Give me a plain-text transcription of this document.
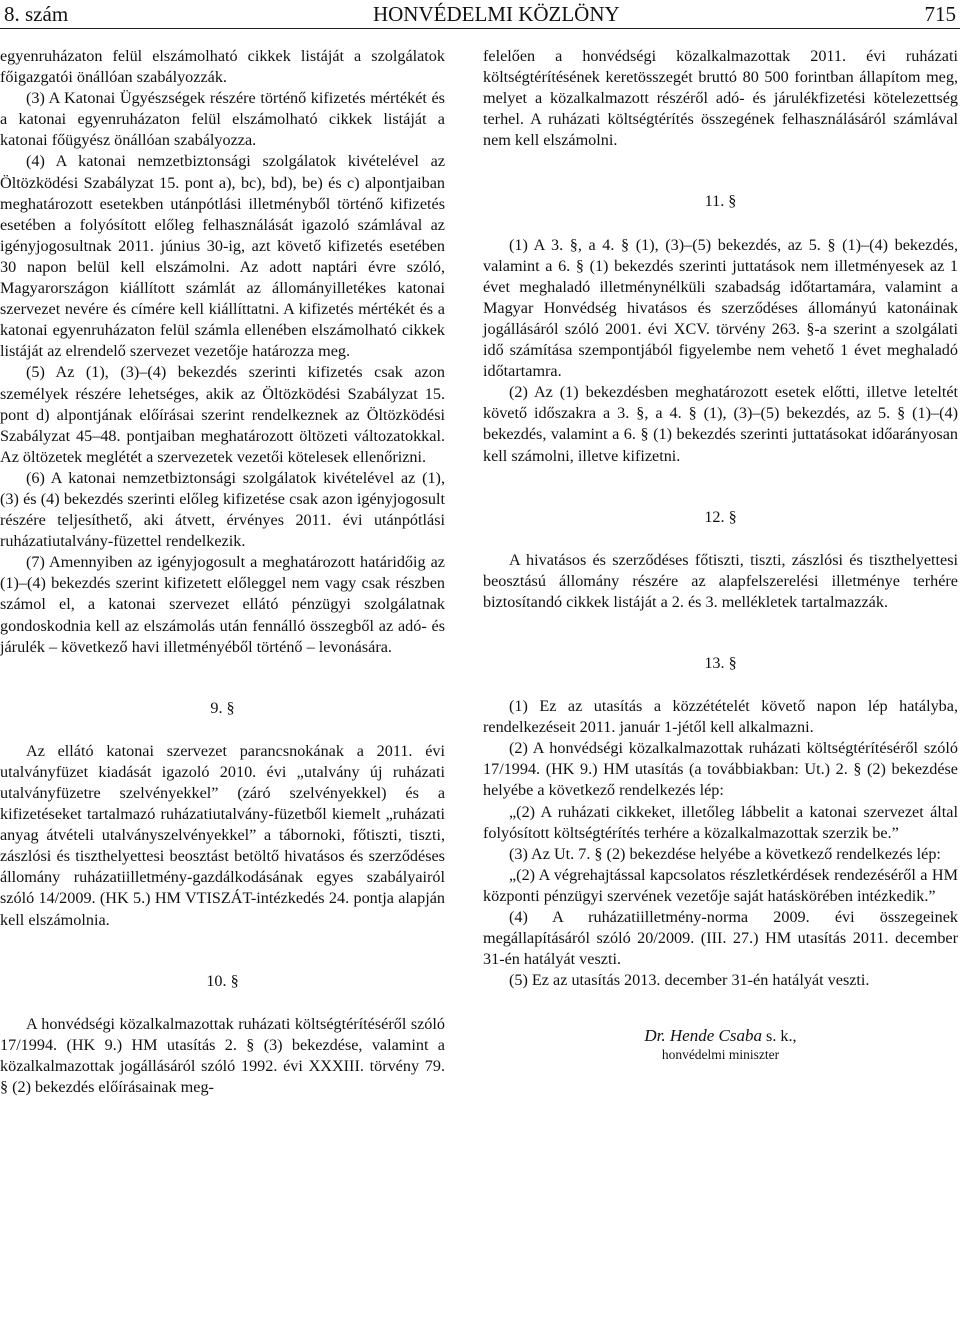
8. szám	HONVÉDELMI KÖZLÖNY	715

egyenruházaton felül elszámolható cikkek listáját a szolgálatok főigazgatói önállóan szabályozzák.

(3) A Katonai Ügyészségek részére történő kifizetés mértékét és a katonai egyenruházaton felül elszámolható cikkek listáját a katonai főügyész önállóan szabályozza.

(4) A katonai nemzetbiztonsági szolgálatok kivételével az Öltözködési Szabályzat 15. pont a), bc), bd), be) és c) alpontjaiban meghatározott esetekben utánpótlási illetményből történő kifizetés esetében a folyósított előleg felhasználását igazoló számlával az igényjogosultnak 2011. június 30-ig, azt követő kifizetés esetében 30 napon belül kell elszámolni. Az adott naptári évre szóló, Magyarországon kiállított számlát az állományilletékes katonai szervezet nevére és címére kell kiállíttatni. A kifizetés mértékét és a katonai egyenruházaton felül számla ellenében elszámolható cikkek listáját az elrendelő szervezet vezetője határozza meg.

(5) Az (1), (3)–(4) bekezdés szerinti kifizetés csak azon személyek részére lehetséges, akik az Öltözködési Szabályzat 15. pont d) alpontjának előírásai szerint rendelkeznek az Öltözködési Szabályzat 45–48. pontjaiban meghatározott öltözeti változatokkal. Az öltözetek meglétét a szervezetek vezetői kötelesek ellenőrizni.

(6) A katonai nemzetbiztonsági szolgálatok kivételével az (1), (3) és (4) bekezdés szerinti előleg kifizetése csak azon igényjogosult részére teljesíthető, aki átvett, érvényes 2011. évi utánpótlási ruházatiutalvány-füzettel rendelkezik.

(7) Amennyiben az igényjogosult a meghatározott határidőig az (1)–(4) bekezdés szerint kifizetett előleggel nem vagy csak részben számol el, a katonai szervezet ellátó pénzügyi szolgálatnak gondoskodnia kell az elszámolás után fennálló összegből az adó- és járulék – következő havi illetményéből történő – levonására.

9. §

Az ellátó katonai szervezet parancsnokának a 2011. évi utalványfüzet kiadását igazoló 2010. évi „utalvány új ruházati utalványfüzetre szelvényekkel” (záró szelvényekkel) és a kifizetéseket tartalmazó ruházatiutalvány-füzetből kiemelt „ruházati anyag átvételi utalványszelvényekkel” a tábornoki, főtiszti, tiszti, zászlósi és tiszthelyettesi beosztást betöltő hivatásos és szerződéses állomány ruházatiilletmény-gazdálkodásának egyes szabályairól szóló 14/2009. (HK 5.) HM VTISZÁT-intézkedés 24. pontja alapján kell elszámolnia.

10. §

A honvédségi közalkalmazottak ruházati költségtérítéséről szóló 17/1994. (HK 9.) HM utasítás 2. § (3) bekezdése, valamint a közalkalmazottak jogállásáról szóló 1992. évi XXXIII. törvény 79. § (2) bekezdés előírásainak meg-

felelően a honvédségi közalkalmazottak 2011. évi ruházati költségtérítésének keretösszegét bruttó 80 500 forintban állapítom meg, melyet a közalkalmazott részéről adó- és járulékfizetési kötelezettség terhel. A ruházati költségtérítés összegének felhasználásáról számlával nem kell elszámolni.

11. §

(1) A 3. §, a 4. § (1), (3)–(5) bekezdés, az 5. § (1)–(4) bekezdés, valamint a 6. § (1) bekezdés szerinti juttatások nem illetményesek az 1 évet meghaladó illetménynélküli szabadság időtartamára, valamint a Magyar Honvédség hivatásos és szerződéses állományú katonáinak jogállásáról szóló 2001. évi XCV. törvény 263. §-a szerint a szolgálati idő számítása szempontjából figyelembe nem vehető 1 évet meghaladó időtartamra.

(2) Az (1) bekezdésben meghatározott esetek előtti, illetve leteltét követő időszakra a 3. §, a 4. § (1), (3)–(5) bekezdés, az 5. § (1)–(4) bekezdés, valamint a 6. § (1) bekezdés szerinti juttatásokat időarányosan kell számolni, illetve kifizetni.

12. §

A hivatásos és szerződéses főtiszti, tiszti, zászlósi és tiszthelyettesi beosztású állomány részére az alapfelszerelési illetménye terhére biztosítandó cikkek listáját a 2. és 3. mellékletek tartalmazzák.

13. §

(1) Ez az utasítás a közzétételét követő napon lép hatályba, rendelkezéseit 2011. január 1-jétől kell alkalmazni.

(2) A honvédségi közalkalmazottak ruházati költségtérítéséről szóló 17/1994. (HK 9.) HM utasítás (a továbbiakban: Ut.) 2. § (2) bekezdése helyébe a következő rendelkezés lép:

„(2) A ruházati cikkeket, illetőleg lábbelit a katonai szervezet által folyósított költségtérítés terhére a közalkalmazottak szerzik be.”

(3) Az Ut. 7. § (2) bekezdése helyébe a következő rendelkezés lép:

„(2) A végrehajtással kapcsolatos részletkérdések rendezéséről a HM központi pénzügyi szervének vezetője saját hatáskörében intézkedik.”

(4) A ruházatiilletmény-norma 2009. évi összegeinek megállapításáról szóló 20/2009. (III. 27.) HM utasítás 2011. december 31-én hatályát veszti.

(5) Ez az utasítás 2013. december 31-én hatályát veszti.

Dr. Hende Csaba s. k.,
honvédelmi miniszter
